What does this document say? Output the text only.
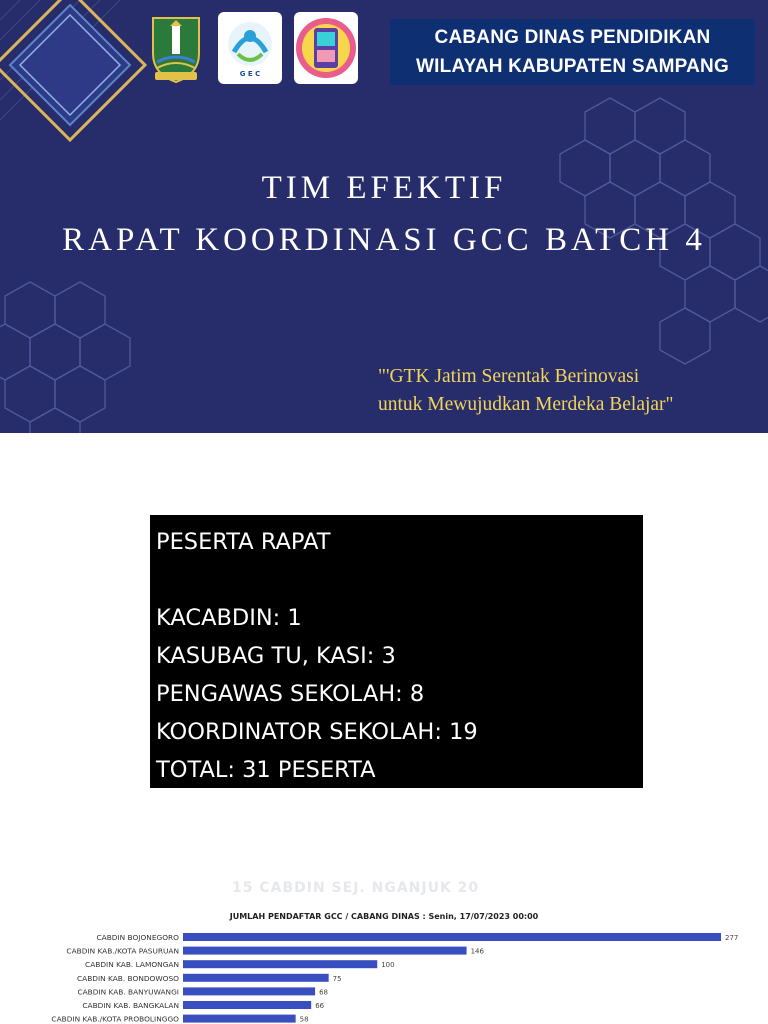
G E C
CABANG DINAS PENDIDIKAN
WILAYAH KABUPATEN SAMPANG
TIM EFEKTIF
RAPAT KOORDINASI GCC BATCH 4
"'GTK Jatim Serentak Berinovasi
untuk Mewujudkan Merdeka Belajar"
PESERTA RAPAT
KACABDIN: 1
KASUBAG TU, KASI: 3
PENGAWAS SEKOLAH: 8
KOORDINATOR SEKOLAH: 19
TOTAL: 31 PESERTA
15 CABDIN SEJ. NGANJUK 20
JUMLAH PENDAFTAR GCC / CABANG DINAS : Senin, 17/07/2023 00:00
CABDIN BOJONEGORO	277
CABDIN KAB./KOTA PASURUAN	146
CABDIN KAB. LAMONGAN	100
CABDIN KAB. BONDOWOSO	75
CABDIN KAB. BANYUWANGI	68
CABDIN KAB. BANGKALAN	66
CABDIN KAB./KOTA PROBOLINGGO	58
